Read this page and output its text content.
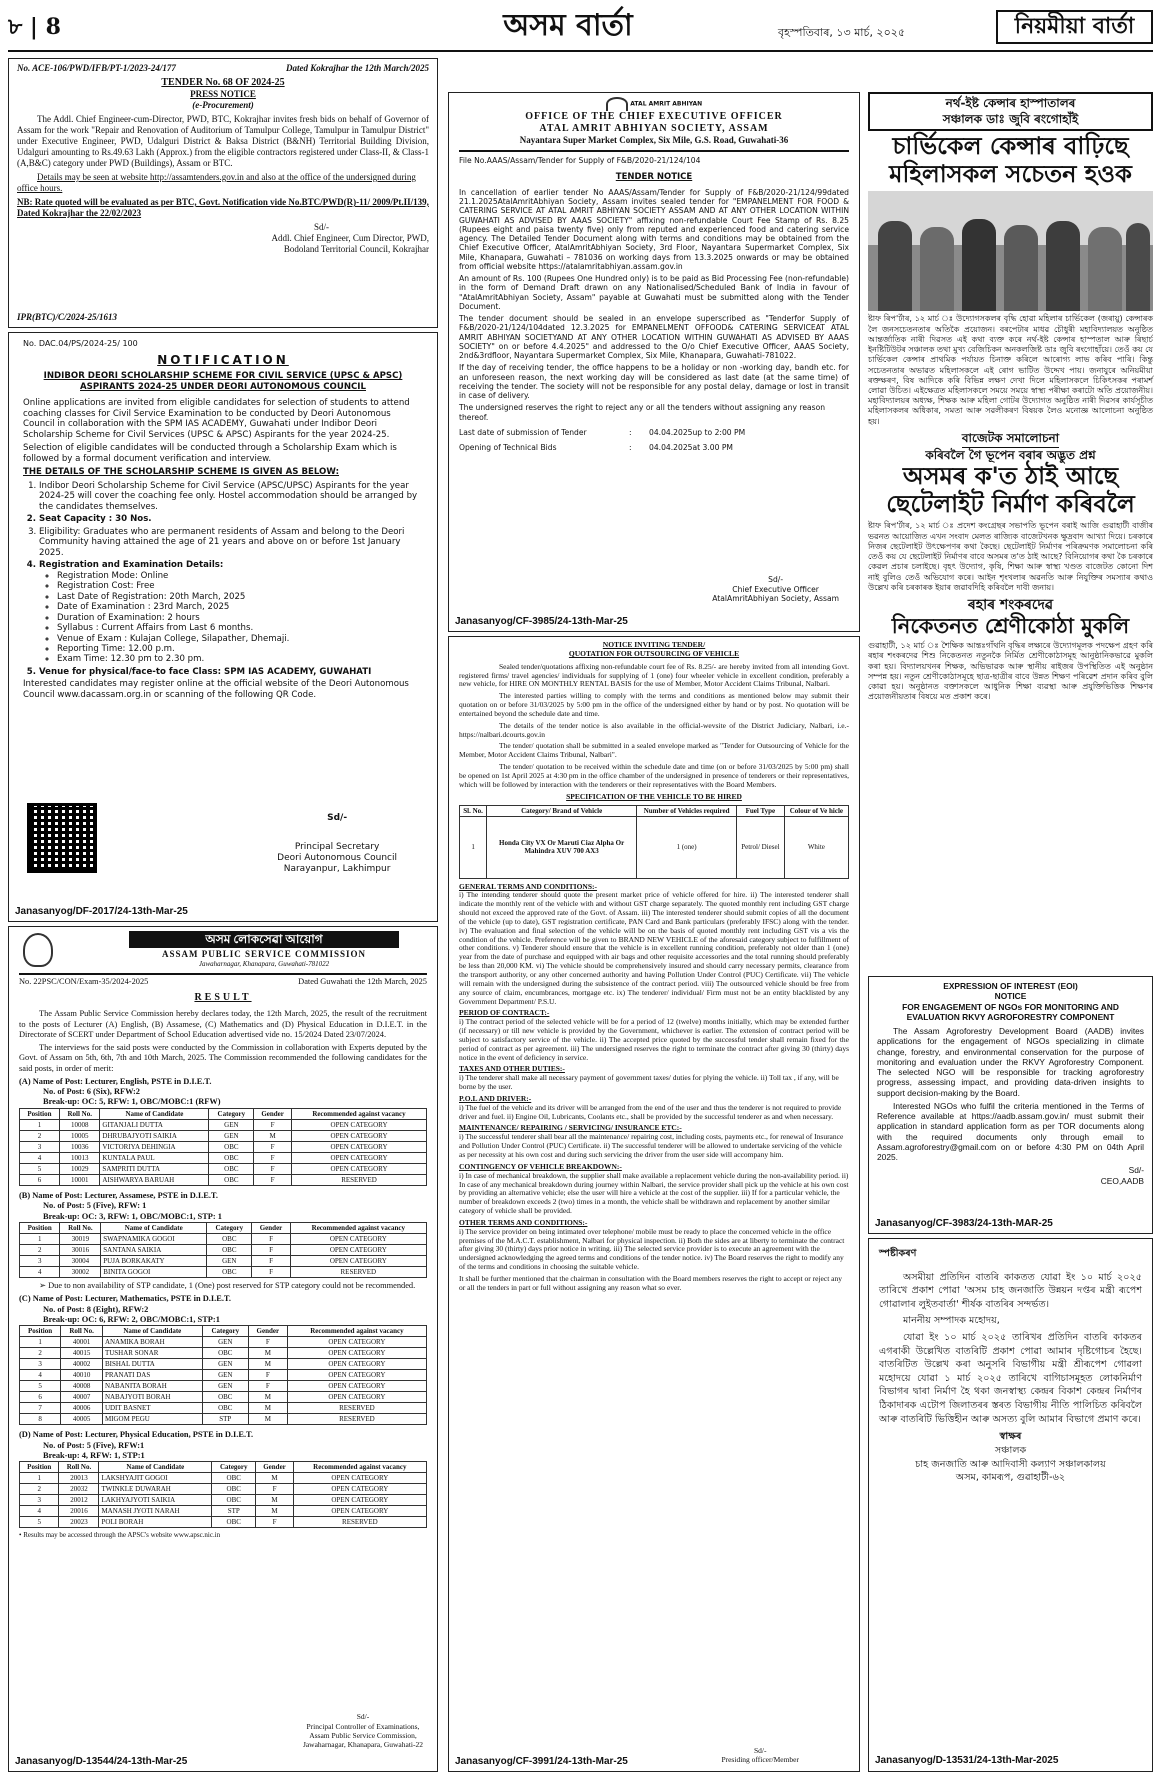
৮ | 8	অসম বাৰ্তা	বৃহস্পতিবাৰ, ১৩ মাৰ্চ, ২০২৫	নিয়মীয়া বাৰ্তা
No. ACE-106/PWD/IFB/PT-1/2023-24/177	Dated Kokrajhar the 12th March/2025
TENDER No. 68 OF 2024-25
PRESS NOTICE
(e-Procurement)

The Addl. Chief Engineer-cum-Director, PWD, BTC, Kokrajhar invites fresh bids on behalf of Governor of Assam for the work "Repair and Renovation of Auditorium of Tamulpur College, Tamulpur in Tamulpur District" under Executive Engineer, PWD, Udalguri District & Baksa District (B&NH) Territorial Building Division, Udalguri amounting to Rs.49.63 Lakh (Approx.) from the eligible contractors registered under Class-II, & Class-1 (A,B&C) category under PWD (Buildings), Assam or BTC.

Details may be seen at website http://assamtenders.gov.in and also at the office of the undersigned during office hours.

NB: Rate quoted will be evaluated as per BTC, Govt. Notification vide No.BTC/PWD(R)-11/ 2009/Pt.II/139, Dated Kokrajhar the 22/02/2023

Sd/-
Addl. Chief Engineer, Cum Director, PWD,
Bodoland Territorial Council, Kokrajhar
IPR(BTC)/C/2024-25/1613
No. DAC.04/PS/2024-25/ 100
NOTIFICATION
INDIBOR DEORI SCHOLARSHIP SCHEME FOR CIVIL SERVICE (UPSC & APSC)
ASPIRANTS 2024-25 UNDER DEORI AUTONOMOUS COUNCIL

Online applications are invited from eligible candidates for selection of students to attend coaching classes for Civil Service Examination to be conducted by Deori Autonomous Council in collaboration with the SPM IAS ACADEMY, Guwahati under Indibor Deori Scholarship Scheme for Civil Services (UPSC & APSC) Aspirants for the year 2024-25.

Selection of eligible candidates will be conducted through a Scholarship Exam which is followed by a formal document verification and interview.

THE DETAILS OF THE SCHOLARSHIP SCHEME IS GIVEN AS BELOW:

1. Indibor Deori Scholarship Scheme for Civil Service (APSC/UPSC) Aspirants for the year 2024-25 will cover the coaching fee only. Hostel accommodation should be arranged by the candidates themselves.
2. Seat Capacity : 30 Nos.
3. Eligibility: Graduates who are permanent residents of Assam and belong to the Deori Community having attained the age of 21 years and above on or before 1st January 2025.
4. Registration and Examination Details:
◦ Registration Mode: Online
◦ Registration Cost: Free
◦ Last Date of Registration: 20th March, 2025
◦ Date of Examination : 23rd March, 2025
◦ Duration of Examination: 2 hours
◦ Syllabus : Current Affairs from Last 6 months.
◦ Venue of Exam : Kulajan College, Silapather, Dhemaji.
◦ Reporting Time: 12.00 p.m.
◦ Exam Time: 12.30 pm to 2.30 pm.
5. Venue for physical/face-to face Class: SPM IAS ACADEMY, GUWAHATI

Interested candidates may register online at the official website of the Deori Autonomous Council www.dacassam.org.in or scanning of the following QR Code.

Sd/-
Principal Secretary
Deori Autonomous Council
Narayanpur, Lakhimpur
Janasanyog/DF-2017/24-13th-Mar-25
অসম লোকসেৱা আয়োগ
ASSAM PUBLIC SERVICE COMMISSION
Jawaharnagar, Khanapara, Guwahati-781022
No. 22PSC/CON/Exam-35/2024-2025	Dated Guwahati the 12th March, 2025
RESULT

The Assam Public Service Commission hereby declares today, the 12th March, 2025, the result of the recruitment to the posts of Lecturer (A) English, (B) Assamese, (C) Mathematics and (D) Physical Education in D.I.E.T. in the Directorate of SCERT under Department of School Education advertised vide no. 15/2024 Dated 23/07/2024.

The interviews for the said posts were conducted by the Commission in collaboration with Experts deputed by the Govt. of Assam on 5th, 6th, 7th and 10th March, 2025. The Commission recommended the following candidates for the said posts, in order of merit:

(A) Name of Post: Lecturer, English, PSTE in D.I.E.T.
No. of Post: 6 (Six), RFW:2
Break-up: OC: 5, RFW: 1, OBC/MOBC:1 (RFW)
Position	Roll No.	Name of Candidate	Category	Gender	Recommended against vacancy
1	10008	GITANJALI DUTTA	GEN	F	OPEN CATEGORY
2	10005	DHRUBAJYOTI SAIKIA	GEN	M	OPEN CATEGORY
3	10036	VICTORIYA DEHINGIA	OBC	F	OPEN CATEGORY
4	10013	KUNTALA PAUL	OBC	F	OPEN CATEGORY
5	10029	SAMPRITI DUTTA	OBC	F	OPEN CATEGORY
6	10001	AISHWARYA BARUAH	OBC	F	RESERVED
(B) Name of Post: Lecturer, Assamese, PSTE in D.I.E.T.
No. of Post: 5 (Five), RFW: 1
Break-up: OC: 3, RFW: 1, OBC/MOBC:1, STP: 1
Position	Roll No.	Name of Candidate	Category	Gender	Recommended against vacancy
1	30019	SWAPNAMIKA GOGOI	OBC	F	OPEN CATEGORY
2	30016	SANTANA SAIKIA	OBC	F	OPEN CATEGORY
3	30004	PUJA BORKAKATY	GEN	F	OPEN CATEGORY
4	30002	BINITA GOGOI	OBC	F	RESERVED
➢ Due to non availability of STP candidate, 1 (One) post reserved for STP category could not be recommended.
(C) Name of Post: Lecturer, Mathematics, PSTE in D.I.E.T.
No. of Post: 8 (Eight), RFW:2
Break-up: OC: 6, RFW: 2, OBC/MOBC:1, STP:1
Position	Roll No.	Name of Candidate	Category	Gender	Recommended against vacancy
1	40001	ANAMIKA BORAH	GEN	F	OPEN CATEGORY
2	40015	TUSHAR SONAR	OBC	M	OPEN CATEGORY
3	40002	BISHAL DUTTA	GEN	M	OPEN CATEGORY
4	40010	PRANATI DAS	GEN	F	OPEN CATEGORY
5	40008	NABANITA BORAH	GEN	F	OPEN CATEGORY
6	40007	NABAJYOTI BORAH	OBC	M	OPEN CATEGORY
7	40006	UDIT BASNET	OBC	M	RESERVED
8	40005	MIGOM PEGU	STP	M	RESERVED
(D) Name of Post: Lecturer, Physical Education, PSTE in D.I.E.T.
No. of Post: 5 (Five), RFW:1
Break-up: 4, RFW: 1, STP:1
Position	Roll No.	Name of Candidate	Category	Gender	Recommended against vacancy
1	20013	LAKSHYAJIT GOGOI	OBC	M	OPEN CATEGORY
2	20032	TWINKLE DUWARAH	OBC	F	OPEN CATEGORY
3	20012	LAKHYAJYOTI SAIKIA	OBC	M	OPEN CATEGORY
4	20016	MANASH JYOTI NARAH	STP	M	OPEN CATEGORY
5	20023	POLI BORAH	OBC	F	RESERVED
• Results may be accessed through the APSC's website www.apsc.nic.in
Sd/-
Principal Controller of Examinations,
Assam Public Service Commission,
Jawaharnagar, Khanapara, Guwahati-22
Janasanyog/D-13544/24-13th-Mar-25
ATAL AMRIT ABHIYAN
OFFICE OF THE CHIEF EXECUTIVE OFFICER
ATAL AMRIT ABHIYAN SOCIETY, ASSAM
Nayantara Super Market Complex, Six Mile, G.S. Road, Guwahati-36
File No.AAAS/Assam/Tender for Supply of F&B/2020-21/124/104
TENDER NOTICE

In cancellation of earlier tender No AAAS/Assam/Tender for Supply of F&B/2020-21/124/99dated 21.1.2025AtalAmritAbhiyan Society, Assam invites sealed tender for "EMPANELMENT FOR FOOD & CATERING SERVICE AT ATAL AMRIT ABHIYAN SOCIETY ASSAM AND AT ANY OTHER LOCATION WITHIN GUWAHATI AS ADVISED BY AAAS SOCIETY" affixing non-refundable Court Fee Stamp of Rs. 8.25 (Rupees eight and paisa twenty five) only from reputed and experienced food and catering service agency. The Detailed Tender Document along with terms and conditions may be obtained from the Chief Executive Officer, AtalAmritAbhiyan Society, 3rd Floor, Nayantara Supermarket Complex, Six Mile, Khanapara, Guwahati – 781036 on working days from 13.3.2025 onwards or may be obtained from official website https://atalamritabhiyan.assam.gov.in

An amount of Rs. 100 (Rupees One Hundred only) is to be paid as Bid Processing Fee (non-refundable) in the form of Demand Draft drawn on any Nationalised/Scheduled Bank of India in favour of "AtalAmritAbhiyan Society, Assam" payable at Guwahati must be submitted along with the Tender Document.

The tender document should be sealed in an envelope superscribed as "Tenderfor Supply of F&B/2020-21/124/104dated 12.3.2025 for EMPANELMENT OFFOOD& CATERING SERVICEAT ATAL AMRIT ABHIYAN SOCIETYAND AT ANY OTHER LOCATION WITHIN GUWAHATI AS ADVISED BY AAAS SOCIETY" on or before 4.4.2025" and addressed to the O/o Chief Executive Officer, AAAS Society, 2nd&3rdfloor, Nayantara Supermarket Complex, Six Mile, Khanapara, Guwahati-781022.

If the day of receiving tender, the office happens to be a holiday or non -working day, bandh etc. for an unforeseen reason, the next working day will be considered as last date (at the same time) of receiving the tender. The society will not be responsible for any postal delay, damage or lost in transit in case of delivery.

The undersigned reserves the right to reject any or all the tenders without assigning any reason thereof.

Last date of submission of Tender	:	04.04.2025up to 2:00 PM
Opening of Technical Bids	:	04.04.2025at 3.00 PM
Sd/-
Chief Executive Officer
AtalAmritAbhiyan Society, Assam
Janasanyog/CF-3985/24-13th-Mar-25
NOTICE INVITING TENDER/
QUOTATION FOR OUTSOURCING OF VEHICLE

Sealed tender/quotations affixing non-refundable court fee of Rs. 8.25/- are hereby invited from all intending Govt. registered firms/ travel agencies/ individuals for supplying of 1 (one) four wheeler vehicle in excellent condition, preferably a new vehicle, for HIRE ON MONTHLY RENTAL BASIS for the use of Member, Motor Accident Claims Tribunal, Nalbari.

The interested parties willing to comply with the terms and conditions as mentioned below may submit their quotation on or before 31/03/2025 by 5:00 pm in the office of the undersigned either by hand or by post. No quotation will be entertained beyond the schedule date and time.

The details of the tender notice is also available in the official-wevsite of the District Judiciary, Nalbari, i.e.- https://nalbari.dcourts.gov.in

The tender/ quotation shall be submitted in a sealed envelope marked as "Tender for Outsourcing of Vehicle for the Member, Motor Accident Claims Tribunal, Nalbari".

The tender/ quotation to be received within the schedule date and time (on or before 31/03/2025 by 5:00 pm) shall be opened on 1st April 2025 at 4:30 pm in the office chamber of the undersigned in presence of tenderers or their representatives, which will be followed by interaction with the tenderers or their representatives with the Board Members.

SPECIFICATION OF THE VEHICLE TO BE HIRED
Sl. No.	Category/ Brand of Vehicle	Number of Vehicles required	Fuel Type	Colour of Ve hicle
1	Honda City VX Or Maruti Ciaz Alpha Or Mahindra XUV 700 AX3	1 (one)	Petrol/ Diesel	White
GENERAL TERMS AND CONDITIONS:-

i) The intending tenderer should quote the present market price of vehicle offered for hire. ii) The interested tenderer shall indicate the monthly rent of the vehicle with and without GST charge separately. The quoted monthly rent including GST charge should not exceed the approved rate of the Govt. of Assam. iii) The interested tenderer should submit copies of all the document of the vehicle (up to date), GST registration certificate, PAN Card and Bank particulars (preferably IFSC) along with the tender. iv) The evaluation and final selection of the vehicle will be on the basis of quoted monthly rent including GST vis a vis the condition of the vehicle. Preference will be given to BRAND NEW VEHICLE of the aforesaid category subject to fulfillment of other conditions. v) Tenderer should ensure that the vehicle is in excellent running condition, preferably not older than 1 (one) year from the date of purchase and equipped with air bags and other requisite accessories and the total running should preferably be less than 20,000 KM. vi) The vehicle should be comprehensively insured and should carry necessary permits, clearance from the transport authority, or any other concerned authority and having Pollution Under Control (PUC) Certificate. vii) The vehicle will remain with the undersigned during the subsistence of the contract period. viii) The outsourced vehicle should be free from any source of claim, encumbrances, mortgage etc. ix) The tenderer/ individual/ Firm must not be an entity blacklisted by any Government Department/ P.S.U.

PERIOD OF CONTRACT:-

i) The contract period of the selected vehicle will be for a period of 12 (twelve) months initially, which may be extended further (if necessary) or till new vehicle is provided by the Government, whichever is earlier. The extension of contract period will be subject to satisfactory service of the vehicle. ii) The accepted price quoted by the successful tender shall remain fixed for the period of contract as per agreement. iii) The undersigned reserves the right to terminate the contract after giving 30 (thirty) days notice in the event of deficiency in service.

TAXES AND OTHER DUTIES:-

i) The tenderer shall make all necessary payment of government taxes/ duties for plying the vehicle. ii) Toll tax , if any, will be borne by the user.

P.O.L AND DRIVER:-

i) The fuel of the vehicle and its driver will be arranged from the end of the user and thus the tenderer is not required to provide driver and fuel. ii) Engine Oil, Lubricants, Coolants etc., shall be provided by the successful tenderer as and when necessary.

MAINTENANCE/ REPAIRING / SERVICING/ INSURANCE ETC:-

i) The successful tenderer shall bear all the maintenance/ repairing cost, including costs, payments etc., for renewal of Insurance and Pollution Under Control (PUC) Certificate. ii) The successful tenderer will be allowed to undertake servicing of the vehicle as per necessity at his own cost and during such servicing the driver from the user side will accompany him.

CONTINGENCY OF VEHICLE BREAKDOWN:-

i) In case of mechanical breakdown, the supplier shall make available a replacement vehicle during the non-availability period. ii) In case of any mechanical breakdown during journey within Nalbari, the service provider shall pick up the vehicle at his own cost by providing an alternative vehicle; else the user will hire a vehicle at the cost of the supplier. iii) If for a particular vehicle, the number of breakdown exceeds 2 (two) times in a month, the vehicle shall be withdrawn and replacement by another similar category of vehicle shall be provided.

OTHER TERMS AND CONDITIONS:-

i) The service provider on being intimated over telephone/ mobile must be ready to place the concerned vehicle in the office premises of the M.A.C.T. establishment, Nalbari for physical inspection. ii) Both the sides are at liberty to terminate the contract after giving 30 (thirty) days prior notice in writing. iii) The selected service provider is to execute an agreement with the undersigned acknowledging the agreed terms and conditions of the tender notice. iv) The Board reserves the right to modify any of the terms and conditions in choosing the suitable vehicle.

It shall be further mentioned that the chairman in consultation with the Board members reserves the right to accept or reject any or all the tenders in part or full without assigning any reason what so ever.

Sd/-
Presiding officer/Member
Janasanyog/CF-3991/24-13th-Mar-25
নৰ্থ-ইষ্ট কেন্সাৰ হাস্পাতালৰ
সঞ্চালক ডাঃ জুবি ৰংগোহাঁই
চাৰ্ভিকেল কেন্সাৰ বাঢ়িছে
মহিলাসকল সচেতন হওক

ষ্টাফ ৰিপ'ৰ্টাৰ, ১২ মাৰ্চ ঃ উদ্যোগসকলৰ বৃদ্ধি হোৱা মহিলাৰ চাৰ্ভিকেল (জৰায়ু) কেন্সাৰক লৈ জনসচেতনতাৰ অতিকৈ প্ৰয়োজন। বৰপেটাৰ মাধৱ চৌধুৰী মহাবিদ্যালয়ত অনুষ্ঠিত আন্তৰ্জাতিক নাৰী দিৱসত এই কথা ব্যক্ত কৰে নৰ্থ-ইষ্ট কেন্সাৰ হাস্পতাল আৰু ৰিছাৰ্চ ইনষ্টিটিউটৰ সঞ্চালক তথা মুখ্য বেজিচিকন অনকলজিষ্ট ডাঃ জুবি ৰংগোহাঁয়ে। তেওঁ কয় যে চাৰ্ভিকেল কেন্সাৰ প্ৰাথমিক পৰ্যায়ত চিনাক্ত কৰিলে আৰোগ্য লাভ কৰিব পাৰি। কিন্তু সচেতনতাৰ অভাৱত মহিলাসকলে এই ৰোগ ভাটিত উদ্দেখ পায়। জনাযুৰে অনিয়মীয়া ৰক্তক্ষৰণ, বিষ আদিকে কৰি বিভিন্ন লক্ষণ দেখা দিলে মহিলাসকলে চিকিৎসকৰ পৰামৰ্শ লোৱা উচিত। এইক্ষেত্ৰত মহিলাসকলে সময়ে সময়ে স্বাস্থ্য পৰীক্ষা কৰাটো অতি প্ৰয়োজনীয়। মহাবিদ্যালয়ৰ অধ্যক্ষ, শিক্ষক আৰু মহিলা গোটৰ উদ্যোগত অনুষ্ঠিত নাৰী দিৱসৰ কাৰ্যসূচীত মহিলাসকলৰ অধিকাৰ, সমতা আৰু সৱলীকৰণ বিষয়ক লৈও মনোজ্ঞ আলোচনা অনুষ্ঠিত হয়।

বাজেটক সমালোচনা
কৰিবলৈ গৈ ভূপেন বৰাৰ অদ্ভুত প্ৰশ্ন
অসমৰ ক'ত ঠাই আছে
ছেটেলাইট নিৰ্মাণ কৰিবলৈ

ষ্টাফ ৰিপ'ৰ্টাৰ, ১২ মাৰ্চ ঃ প্ৰদেশ কংগ্ৰেছৰ সভাপতি ভূপেন বৰাই আজি গুৱাহাটী বাজীৰ ভৱনত আয়োজিত এখন সংবাদ মেলত ৰাজ্যিক বাজেটখনক ক্ষুদ্ৰবাদ আখ্যা দিয়ে। চৰকাৰে নিজৰ ছেটেলাইট উৎক্ষেপণৰ কথা কৈছে। ছেটেলাইট নিৰ্মাণৰ পৰিক্ৰমণক সমালোচনা কৰি তেওঁ কয় যে ছেটেলাইট নিৰ্মাণৰ বাবে অসমৰ ত'ত ঠাই আছে? বিনিয়োগৰ কথা কৈ চৰকাৰে কেৱল প্ৰচাৰ চলাইছে। বৃহৎ উদ্যোগ, কৃষি, শিক্ষা আৰু স্বাস্থ্য খণ্ডত বাজেটত কোনো দিশ নাই বুলিও তেওঁ অভিযোগ কৰে। আইন শৃংখলাৰ অৱনতি আৰু নিযুক্তিৰ সমস্যাৰ কথাও উল্লেখ কৰি চৰকাৰক ইয়াৰ জৱাবদিহি কৰিবলৈ দাবী জনায়।

ৰহাৰ শংকৰদেৱ
নিকেতনত শ্ৰেণীকোঠা মুকলি

গুৱাহাটী, ১২ মাৰ্চ ঃ শৈক্ষিক আন্তঃগাঁথনি বৃদ্ধিৰ লক্ষ্যৰে উদ্যোগমূলক পদক্ষেপ গ্ৰহণ কৰি ৰহাৰ শংকৰদেৱ শিশু নিকেতনত নতুনকৈ নিৰ্মিত শ্ৰেণীকোঠাসমূহ আনুষ্ঠানিকভাৱে মুকলি কৰা হয়। বিদ্যালয়খনৰ শিক্ষক, অভিভাৱক আৰু স্থানীয় ৰাইজৰ উপস্থিতিত এই অনুষ্ঠান সম্পন্ন হয়। নতুন শ্ৰেণীকোঠাসমূহে ছাত্ৰ-ছাত্ৰীৰ বাবে উন্নত শিক্ষণ পৰিৱেশ প্ৰদান কৰিব বুলি কোৱা হয়। অনুষ্ঠানত বক্তাসকলে আধুনিক শিক্ষা ব্যৱস্থা আৰু প্ৰযুক্তিভিত্তিক শিক্ষণৰ প্ৰয়োজনীয়তাৰ বিষয়ে মত প্ৰকাশ কৰে।

EXPRESSION OF INTEREST (EOI)
NOTICE
FOR ENGAGEMENT OF NGOs FOR MONITORING AND EVALUATION RKVY AGROFORESTRY COMPONENT

The Assam Agroforestry Development Board (AADB) invites applications for the engagement of NGOs specializing in climate change, forestry, and environmental conservation for the purpose of monitoring and evaluation under the RKVY Agroforestry Component. The selected NGO will be responsible for tracking agroforestry progress, assessing impact, and providing data-driven insights to support decision-making by the Board.

Interested NGOs who fulfil the criteria mentioned in the Terms of Reference available at https://aadb.assam.gov.in/ must submit their application in standard application form as per TOR documents along with the required documents only through email to Assam.agroforestry@gmail.com on or before 4:30 PM on 04th April 2025.

Sd/-
CEO,AADB
Janasanyog/CF-3983/24-13th-MAR-25
স্পষ্টীকৰণ

অসমীয়া প্ৰতিদিন বাতৰি কাকতত যোৱা ইং ১০ মাৰ্চ ২০২৫ তাৰিখে প্ৰকাশ পোৱা 'অসম চাহ জনজাতি উন্নয়ন দপ্তৰ মন্ত্ৰী ৰূপেশ গোৱালাৰ লুইতবাৰ্তা' শীৰ্ষক বাতৰিৰ সন্দৰ্ভত।

মাননীয় সম্পাদক মহোদয়,

যোৱা ইং ১০ মাৰ্চ ২০২৫ তাৰিখৰ প্ৰতিদিন বাতৰি কাকতৰ এগৰাকী উল্লেখিত বাতৰিটি প্ৰকাশ পোৱা আমাৰ দৃষ্টিগোচৰ হৈছে। বাতৰিটিত উল্লেখ কৰা অনুসৰি বিভাগীয় মন্ত্ৰী শ্ৰীৰূপেশ গোৱলা মহোদয়ে যোৱা ১ মাৰ্চ ২০২৫ তাৰিখে বাগিচাসমূহত লোকনিৰ্মাণ বিভাগৰ দ্বাৰা নিৰ্মাণ হৈ থকা জনস্বাস্থ্য কেন্দ্ৰৰ বিকাশ কেন্দ্ৰৰ নিৰ্মাণৰ ঠিকাদাৰক এটোপ জিলাতৰৰ স্তৰত বিভাগীয় নীতি পালিচিত কৰিবলৈ আৰু বাতৰিটি ভিত্তিহীন আৰু অসত্য বুলি আমাৰ বিভাগে প্ৰমাণ কৰে।

স্বাক্ষৰ
সঞ্চালক
চাহ জনজাতি আৰু আদিবাসী কল্যাণ সঞ্চালকালয়
অসম, কামৰূপ, গুৱাহাটী-৬২
Janasanyog/D-13531/24-13th-Mar-2025
